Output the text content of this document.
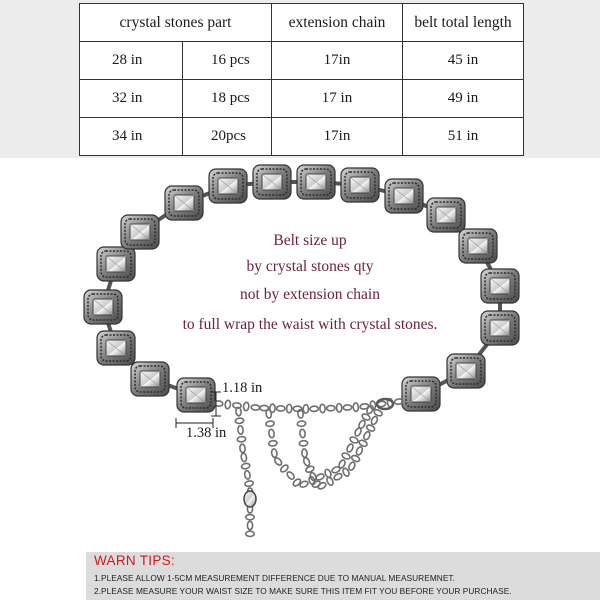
crystal stones part		extension chain	belt total length
28 in	16 pcs	17in	45 in
32 in	18 pcs	17 in	49 in
34 in	20pcs	17in	51 in
Belt size up
by crystal stones qty
not by extension chain
to full wrap the waist with crystal stones.
1.18 in
1.38 in
WARN TIPS:
1.PLEASE ALLOW 1-5CM MEASUREMENT DIFFERENCE DUE TO MANUAL MEASUREMNET.
2.PLEASE MEASURE YOUR WAIST SIZE TO MAKE SURE THIS ITEM FIT YOU BEFORE YOUR PURCHASE.
